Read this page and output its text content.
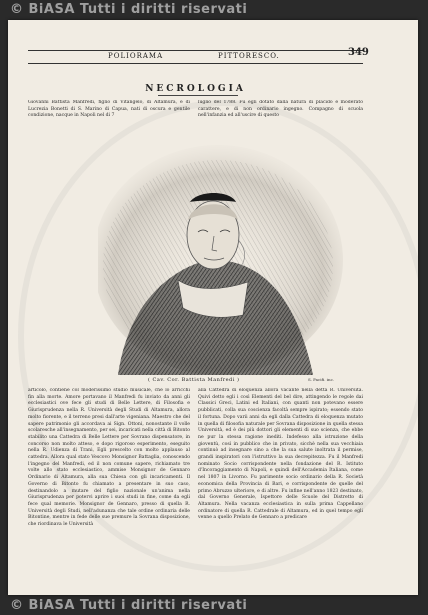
POLIORAMA	PITTORESCO.	349
NECROLOGIA
Giovanni Battista Manfredi, figlio di Vitangelo, di Altamura, e di Lucrezia Bonetti di S. Marino di Capua, nati di oscura e gentile condizione, nacque in Napoli nel di 7
luglio del 1788. Fu egli dotato dalla natura di placido e moderato carattere, e di non ordinario ingegno. Compagno di scuola nell'infanzia ed all'uscire di questo
( Cav. Cor. Battista Manfredi )	S. Pacifi. inc.
articolo, contiene col moderissimo studio musicale, che lo arricchì fin alla morte. Amore portavano il Manfredi fu inviato da anni gli ecclesiastici ove fece gli studi di Belle Lettere, di Filosofia e Giurisprudenza nella R. Università degli Studi di Altamura, allora molto fiorente, e il terreno presi dall'arte vigeniana. Maestro che del sapere patrimonio gli accordava ai Sign. Ottoni, nonostante il volle scolaresche all'insegnamento, per sei, incaricati nella città di Bitonto stabilito una Cattedra di Belle Lettere per Sovrano dispensatore, in concorso non molto atteso, e dopo rigoroso esperimento, eseguito nella R. Udienza di Trani, Egli prescelto con molto applauso al cattedra. Allora qual stato Vescovo Monsignor Battaglia, conoscendo l'ingegno del Manfredi, ed il non comune sapere, richiamato tre volte allo stato ecclesiastico, ammise Monsignor de Gennaro Ordinario di Altamura, alla sua Chiesa con gli incaricamenti. Il Governo di Bitonto fu chiamato a presentare in suo caso, destinandolo a mutare del figlio nazionale un'anima nella Giurisprudenza per potervi aprire i suoi studi in fine, come da egli fece qual memorie. Monsignor de Gennaro, presso di quella R. Università degli Studi, nell'adunanza che tale ordine ordinaria delle Bitontine, mentre in fede delle sue premure la Sovrana disposizione, che riordinava le Università
alla Cattedra di eloquenza allora vacante nella detta R. Università. Quivi detto egli i così Elementi del bel dire, attingendo le regole dai Classici Greci, Latini ed Italiani, con quanti non potevano essere pubblicati, colla sua coscienza facoltà sempre ispirato; essendo stato il fortuna. Dopo varii anni da egli dalla Cattedra di eloquenza mutato in quella di filosofia naturale per Sovrana disposizione in quella stessa Università, ed è dei più dottori gli elementi di suo scienza, che ebbe ne pur la stessa ragione inediti. Indefesso alla istruzione della gioventù, così in pubblico che in privato, sicchè nella sua vecchiaia continuò ad insegnare sino a che la sua salute inoltrata il permise, grandi inspiratori con l'istruttivo la sua decrepitezza. Fu il Manfredi nominato Socio corrispondente nella fondazione del R. Istituto d'Incoraggiamento di Napoli, e quindi dell'Accademia Italiana, come nel 1807 in Livorno. Fu parimente socio ordinario della R. Società economica della Provincia di Bari, e corrispondente de quelle del primo Abruzzo ulteriore, e di altre. Fu infine nell'anno 1823 destinato, dal Governo Generale, Ispettore delle Scuole del Distretto di Altamura. Nella vacanza ecclesiastica in sulla prima Cappellano ordinatore di quella R. Cattedrale di Altamura, ed in quel tempo egli venne a quello Prelato de Gennaro a predicare
© BiASA Tutti i diritti riservati
© BiASA Tutti i diritti riservati
